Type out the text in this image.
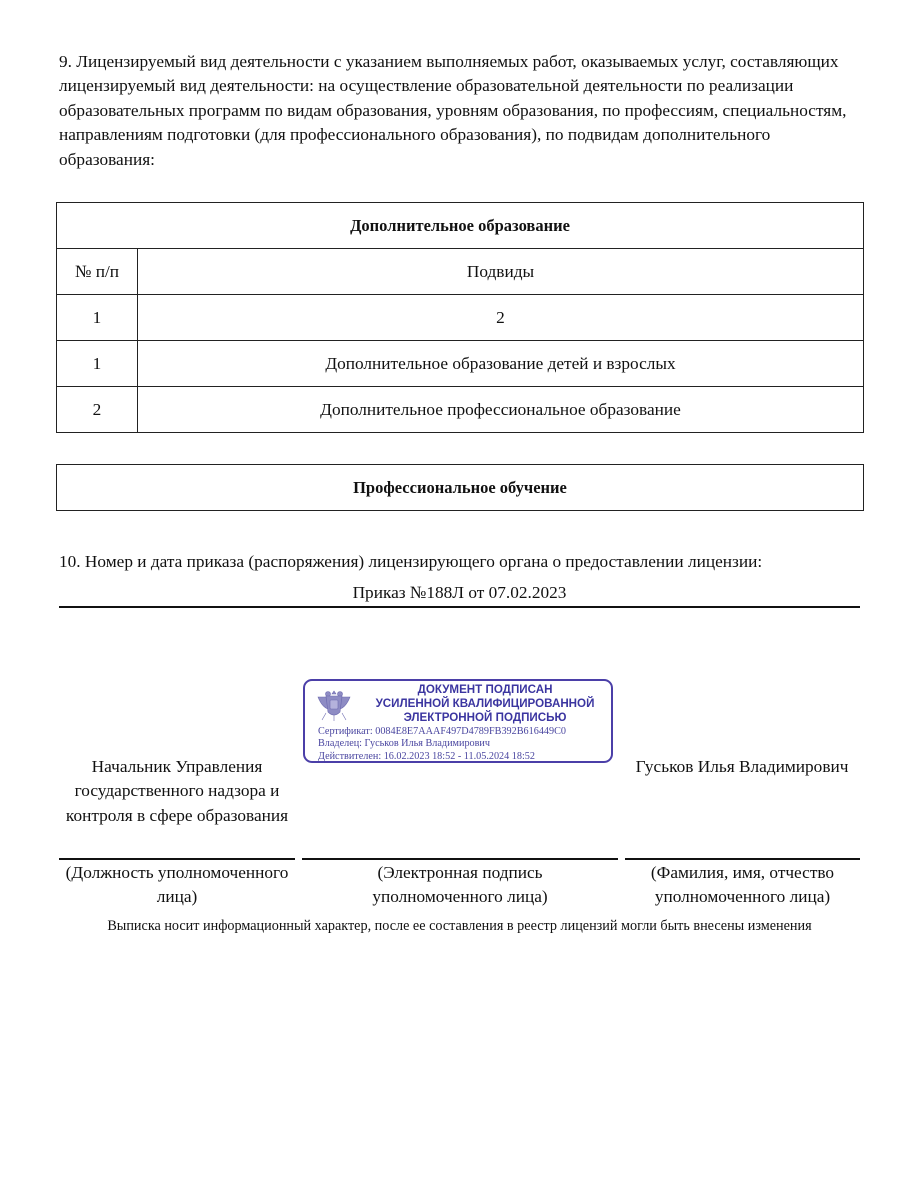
9. Лицензируемый вид деятельности с указанием выполняемых работ, оказываемых услуг, составляющих лицензируемый вид деятельности: на осуществление образовательной деятельности по реализации образовательных программ по видам образования, уровням образования, по профессиям, специальностям, направлениям подготовки (для профессионального образования), по подвидам дополнительного образования:
Дополнительное образование	
№ п/п	Подвиды
1	2
1	Дополнительное образование детей и взрослых
2	Дополнительное профессиональное образование
Профессиональное обучение
10. Номер и дата приказа (распоряжения) лицензирующего органа о предоставлении лицензии:
Приказ №188Л от 07.02.2023
ДОКУМЕНТ ПОДПИСАН
УСИЛЕННОЙ КВАЛИФИЦИРОВАННОЙ
ЭЛЕКТРОННОЙ ПОДПИСЬЮ
Сертификат: 0084E8E7AAAF497D4789FB392B616449C0
Владелец: Гуськов Илья Владимирович
Действителен: 16.02.2023 18:52 - 11.05.2024 18:52
Начальник Управления государственного надзора и контроля в сфере образования
Гуськов Илья Владимирович
(Должность уполномоченного лица)
(Электронная подпись уполномоченного лица)
(Фамилия, имя, отчество уполномоченного лица)
Выписка носит информационный характер, после ее составления в реестр лицензий могли быть внесены изменения
